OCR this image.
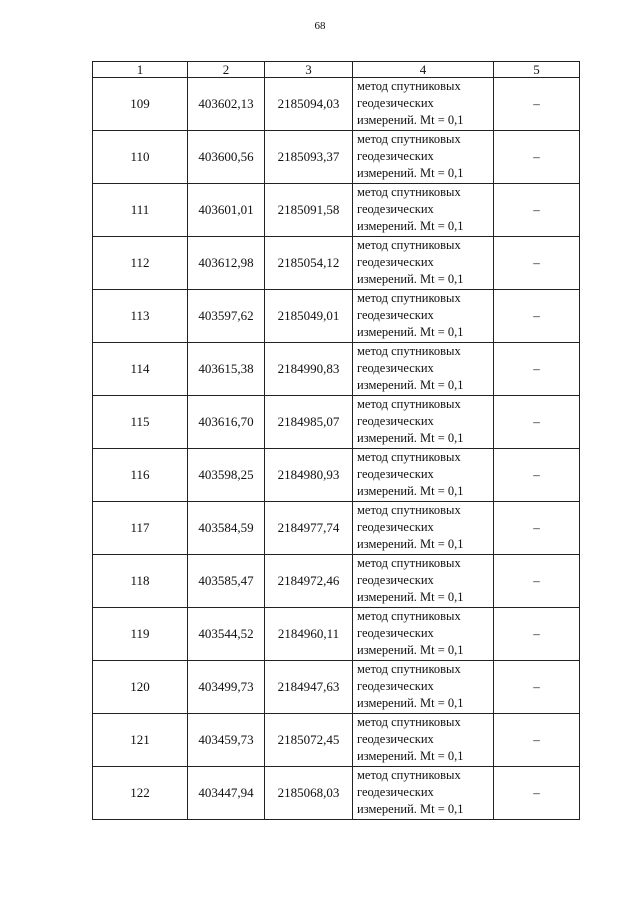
68
1	2	3	4	5
109	403602,13	2185094,03	метод спутниковых
геодезических
измерений. Mt = 0,1	–
110	403600,56	2185093,37	метод спутниковых
геодезических
измерений. Mt = 0,1	–
111	403601,01	2185091,58	метод спутниковых
геодезических
измерений. Mt = 0,1	–
112	403612,98	2185054,12	метод спутниковых
геодезических
измерений. Mt = 0,1	–
113	403597,62	2185049,01	метод спутниковых
геодезических
измерений. Mt = 0,1	–
114	403615,38	2184990,83	метод спутниковых
геодезических
измерений. Mt = 0,1	–
115	403616,70	2184985,07	метод спутниковых
геодезических
измерений. Mt = 0,1	–
116	403598,25	2184980,93	метод спутниковых
геодезических
измерений. Mt = 0,1	–
117	403584,59	2184977,74	метод спутниковых
геодезических
измерений. Mt = 0,1	–
118	403585,47	2184972,46	метод спутниковых
геодезических
измерений. Mt = 0,1	–
119	403544,52	2184960,11	метод спутниковых
геодезических
измерений. Mt = 0,1	–
120	403499,73	2184947,63	метод спутниковых
геодезических
измерений. Mt = 0,1	–
121	403459,73	2185072,45	метод спутниковых
геодезических
измерений. Mt = 0,1	–
122	403447,94	2185068,03	метод спутниковых
геодезических
измерений. Mt = 0,1	–
